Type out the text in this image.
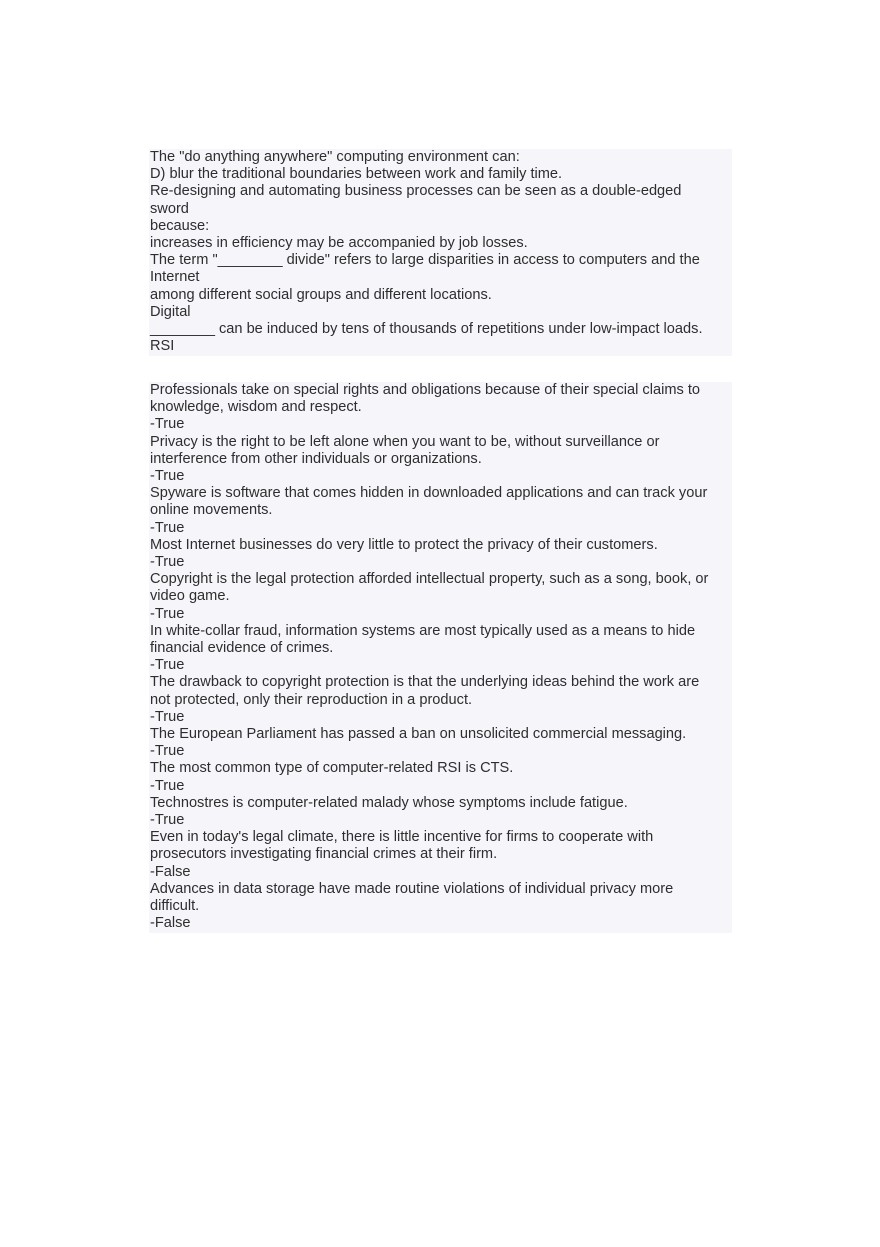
The "do anything anywhere" computing environment can:
D) blur the traditional boundaries between work and family time.
Re-designing and automating business processes can be seen as a double-edged
sword
because:
increases in efficiency may be accompanied by job losses.
The term "________ divide" refers to large disparities in access to computers and the
Internet
among different social groups and different locations.
Digital
________ can be induced by tens of thousands of repetitions under low-impact loads.
RSI
Professionals take on special rights and obligations because of their special claims to
knowledge, wisdom and respect.
-True
Privacy is the right to be left alone when you want to be, without surveillance or
interference from other individuals or organizations.
-True
Spyware is software that comes hidden in downloaded applications and can track your
online movements.
-True
Most Internet businesses do very little to protect the privacy of their customers.
-True
Copyright is the legal protection afforded intellectual property, such as a song, book, or
video game.
-True
In white-collar fraud, information systems are most typically used as a means to hide
financial evidence of crimes.
-True
The drawback to copyright protection is that the underlying ideas behind the work are
not protected, only their reproduction in a product.
-True
The European Parliament has passed a ban on unsolicited commercial messaging.
-True
The most common type of computer-related RSI is CTS.
-True
Technostres is computer-related malady whose symptoms include fatigue.
-True
Even in today's legal climate, there is little incentive for firms to cooperate with
prosecutors investigating financial crimes at their firm.
-False
Advances in data storage have made routine violations of individual privacy more
difficult.
-False
